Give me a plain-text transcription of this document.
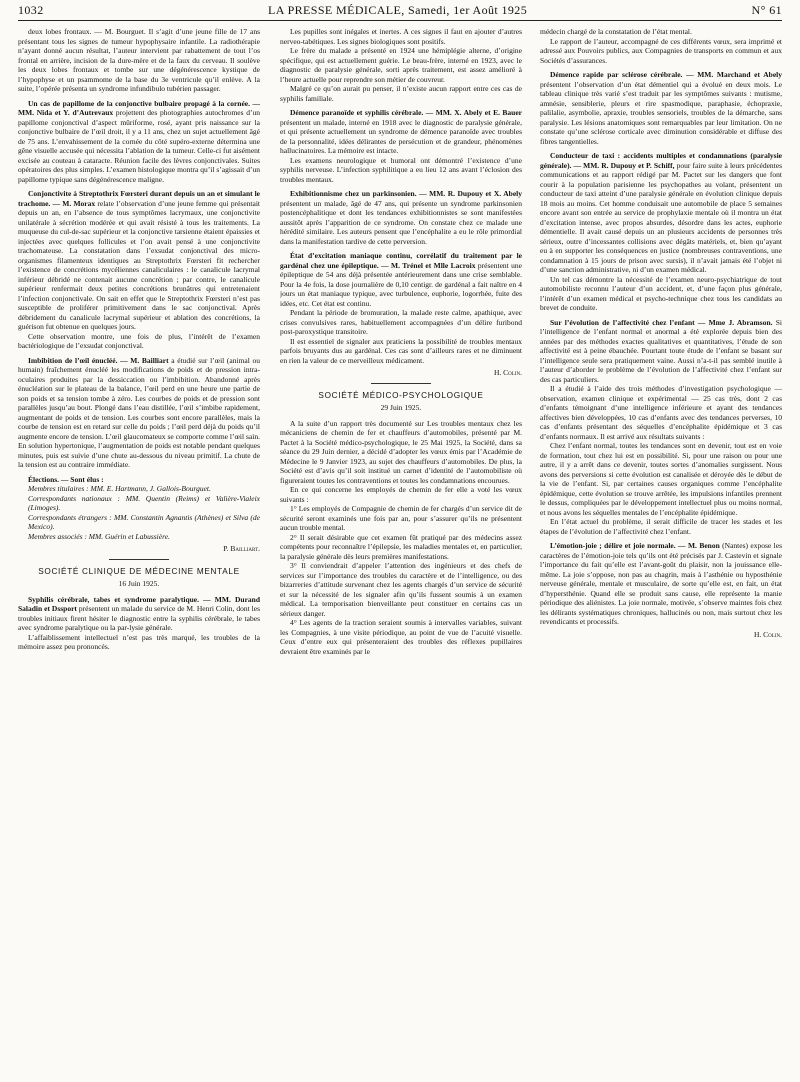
1032	LA PRESSE MÉDICALE, Samedi, 1er Août 1925	N° 61

deux lobes frontaux. — M. Bourguet. Il s’agit d’une jeune fille de 17 ans présentant tous les signes de tumeur hypophysaire infantile. La radiothérapie n’ayant donné aucun résultat, l’auteur intervient par rabattement de tout l’os frontal en arrière, incision de la dure-mère et de la faux du cerveau. Il soulève les deux lobes frontaux et tombe sur une dégénérescence kystique de l’hypophyse et un psammome de la base du 3e ventricule qu’il enlève. A la suite, l’opérée présenta un syndrome infundibulo tubérien passager.

Un cas de papillome de la conjonctive bulbaire propagé à la cornée. — MM. Nida et Y. d’Autrevaux projettent des photographies autochromes d’un papillome conjonctival d’aspect mûriforme, rosé, ayant pris naissance sur la conjonctive bulbaire de l’œil droit, il y a 11 ans, chez un sujet actuellement âgé de 75 ans. L’envahissement de la cornée du côté supéro-externe détermina une gêne visuelle accusée qui nécessita l’ablation de la tumeur. Celle-ci fut aisément excisée au couteau à cataracte. Réunion facile des lèvres conjonctivales. Suites opératoires des plus simples. L’examen histologique montra qu’il s’agissait d’un papillome typique sans dégénérescence maligne.

Conjonctivite à Streptothrix Fœrsteri durant depuis un an et simulant le trachome. — M. Morax relate l’observation d’une jeune femme qui présentait depuis un an, en l’absence de tous symptômes lacrymaux, une conjonctivite unilatérale à sécrétion modérée et qui avait résisté à tous les traitements. La muqueuse du cul-de-sac supérieur et la conjonctive tarsienne étaient épaissies et injectées avec quelques follicules et l’on avait pensé à une conjonctivite trachomateuse. La constatation dans l’exsudat conjonctival des micro-organismes filamenteux identiques au Streptothrix Fœrsteri fit rechercher l’existence de concrétions mycéliennes canaliculaires : le canalicule lacrymal inférieur débridé ne contenait aucune concrétion ; par contre, le canalicule supérieur renfermait deux petites concrétions brunâtres qui entretenaient l’infection conjonctivale. On sait en effet que le Streptothrix Fœrsteri n’est pas susceptible de proliférer primitivement dans le sac conjonctival. Après débridement du canalicule lacrymal supérieur et ablation des concrétions, la guérison fut obtenue en quelques jours.

Cette observation montre, une fois de plus, l’intérêt de l’examen bactériologique de l’exsudat conjonctival.

Imbibition de l’œil énucléé. — M. Bailliart a étudié sur l’œil (animal ou humain) fraîchement énucléé les modifications de poids et de pression intra-oculaires produites par la dessiccation ou l’imbibition. Abandonné après énucléation sur le plateau de la balance, l’œil perd en une heure une partie de son poids et sa tension tombe à zéro. Les courbes de poids et de pression sont parallèles jusqu’au bout. Plongé dans l’eau distillée, l’œil s’imbibe rapidement, augmentant de poids et de tension. Les courbes sont encore parallèles, mais la courbe de tension est en retard sur celle du poids ; l’œil perd déjà du poids qu’il augmente encore de tension. L’œil glaucomateux se comporte comme l’œil sain. En solution hypertonique, l’augmentation de poids est notable pendant quelques minutes, puis est suivie d’une chute au-dessous du niveau primitif. La chute de la tension est au contraire immédiate.

Élections. — Sont élus :

Membres titulaires : MM. E. Hartmann, J. Gallois-Bourguet.

Correspondants nationaux : MM. Quentin (Reims) et Valière-Vialeix (Limoges).

Correspondants étrangers : MM. Constantin Agnantis (Athènes) et Silva (de Mexico).

Membres associés : MM. Guérin et Labussière.

P. Bailliart.

SOCIÉTÉ CLINIQUE DE MÉDECINE MENTALE

16 Juin 1925.

Syphilis cérébrale, tabes et syndrome paralytique. — MM. Durand Saladin et Dssport présentent un malade du service de M. Henri Colin, dont les troubles initiaux firent hésiter le diagnostic entre la syphilis cérébrale, le tabes avec syndrome paralytique ou la par-lysie générale.

L’affaiblissement intellectuel n’est pas très marqué, les troubles de la mémoire assez peu prononcés.

Les pupilles sont inégales et inertes. A ces signes il faut en ajouter d’autres nerveo-tabétiques. Les signes biologiques sont positifs.

Le frère du malade a présenté en 1924 une hémiplégie alterne, d’origine spécifique, qui est actuellement guérie. Le beau-frère, interné en 1923, avec le diagnostic de paralysie générale, sorti après traitement, est assez amélioré à l’heure actuelle pour reprendre son métier de couvreur.

Malgré ce qu’on aurait pu penser, il n’existe aucun rapport entre ces cas de syphilis familiale.

Démence paranoïde et syphilis cérébrale. — MM. X. Abely et E. Bauer présentent un malade, interné en 1918 avec le diagnostic de paralysie générale, et qui présente actuellement un syndrome de démence paranoïde avec troubles de la personnalité, idées délirantes de persécution et de grandeur, phénomènes hallucinatoires. La mémoire est intacte.

Les examens neurologique et humoral ont démontré l’existence d’une syphilis nerveuse. L’infection syphilitique a eu lieu 12 ans avant l’éclosion des troubles mentaux.

Exhibitionnisme chez un parkinsonien. — MM. R. Dupouy et X. Abely présentent un malade, âgé de 47 ans, qui présente un syndrome parkinsonien postencéphalitique et dont les tendances exhibitionnistes se sont manifestées aussitôt après l’apparition de ce syndrome. On constate chez ce malade une hérédité similaire. Les auteurs pensent que l’encéphalite a eu le rôle primordial dans la manifestation tardive de cette perversion.

État d’excitation maniaque continu, corrélatif du traitement par le gardénal chez une épileptique. — M. Trénel et Mlle Lacroix présentent une épileptique de 54 ans déjà présentée antérieurement dans une crise semblable. Pour la 4e fois, la dose journalière de 0,10 centigr. de gardénal a fait naître en 4 jours un état maniaque typique, avec turbulence, euphorie, logorrhée, fuite des idées, etc. Cet état est continu.

Pendant la période de bromuration, la malade reste calme, apathique, avec crises convulsives rares, habituellement accompagnées d’un délire furibond post-paroxystique transitoire.

Il est essentiel de signaler aux praticiens la possibilité de troubles mentaux parfois bruyants dus au gardénal. Ces cas sont d’ailleurs rares et ne diminuent en rien la valeur de ce merveilleux médicament.

H. Colin.

SOCIÉTÉ MÉDICO-PSYCHOLOGIQUE

29 Juin 1925.

A la suite d’un rapport très documenté sur Les troubles mentaux chez les mécaniciens de chemin de fer et chauffeurs d’automobiles, présenté par M. Pactet à la Société médico-psychologique, le 25 Mai 1925, la Société, dans sa séance du 29 Juin dernier, a décidé d’adopter les vœux émis par l’Académie de Médecine le 9 Janvier 1923, au sujet des chauffeurs d’automobiles. De plus, la Société est d’avis qu’il soit institué un carnet d’identité de l’automobiliste où figureraient toutes les contraventions et toutes les condamnations encourues.

En ce qui concerne les employés de chemin de fer elle a voté les vœux suivants :

1° Les employés de Compagnie de chemin de fer chargés d’un service dit de sécurité seront examinés une fois par an, pour s’assurer qu’ils ne présentent aucun trouble mental.

2° Il serait désirable que cet examen fût pratiqué par des médecins assez compétents pour reconnaître l’épilepsie, les maladies mentales et, en particulier, la paralysie générale dès leurs premières manifestations.

3° Il conviendrait d’appeler l’attention des ingénieurs et des chefs de services sur l’importance des troubles du caractère et de l’intelligence, ou des bizarreries d’attitude survenant chez les agents chargés d’un service de sécurité et sur la nécessité de les signaler afin qu’ils fussent soumis à un examen médical. La temporisation bienveillante peut constituer en certains cas un sérieux danger.

4° Les agents de la traction seraient soumis à intervalles variables, suivant les Compagnies, à une visite périodique, au point de vue de l’acuité visuelle. Ceux d’entre eux qui présenteraient des troubles des réflexes pupillaires devraient être examinés par le

médecin chargé de la constatation de l’état mental.

Le rapport de l’auteur, accompagné de ces différents vœux, sera imprimé et adressé aux Pouvoirs publics, aux Compagnies de transports en commun et aux Sociétés d’assurances.

Démence rapide par sclérose cérébrale. — MM. Marchand et Abely présentent l’observation d’un état démentiel qui a évolué en deux mois. Le tableau clinique très varié s’est traduit par les symptômes suivants : mutisme, amnésie, sensiblerie, pleurs et rire spasmodique, paraphasie, échopraxie, palilalie, asymbolie, apraxie, troubles sensoriels, troubles de la démarche, sans paralysie. Les lésions anatomiques sont remarquables par leur limitation. On ne constate qu’une sclérose corticale avec diminution considérable et diffuse des fibres tangentielles.

Conducteur de taxi : accidents multiples et condamnations (paralysie générale). — MM. R. Dupouy et P. Schiff, pour faire suite à leurs précédentes communications et au rapport rédigé par M. Pactet sur les dangers que font courir à la population parisienne les psychopathes au volant, présentent un conducteur de taxi atteint d’une paralysie générale en évolution clinique depuis 18 mois au moins. Cet homme conduisait une automobile de place 5 semaines encore avant son entrée au service de prophylaxie mentale où il montra un état d’excitation intense, avec propos absurdes, désordre dans les actes, euphorie démentielle. Il avait causé depuis un an plusieurs accidents de personnes très sérieux, outre d’incessantes collisions avec dégâts matériels, et, bien qu’ayant eu à en supporter les conséquences en justice (nombreuses contraventions, une condamnation à 15 jours de prison avec sursis), il n’avait jamais été l’objet ni d’une sanction administrative, ni d’un examen médical.

Un tel cas démontre la nécessité de l’examen neuro-psychiatrique de tout automobiliste reconnu l’auteur d’un accident, et, d’une façon plus générale, l’intérêt d’un examen médical et psycho-technique chez tous les candidats au brevet de conduite.

Sur l’évolution de l’affectivité chez l’enfant — Mme J. Abramson. Si l’intelligence de l’enfant normal et anormal a été explorée depuis bien des années par des méthodes exactes qualitatives et quantitatives, l’étude de son affectivité est à peine ébauchée. Pourtant toute étude de l’enfant se basant sur l’intelligence seule sera pratiquement vaine. Aussi n’a-t-il pas semblé inutile à l’auteur d’aborder le problème de l’évolution de l’affectivité chez l’enfant sur des cas particuliers.

Il a étudié à l’aide des trois méthodes d’investigation psychologique — observation, examen clinique et expérimental — 25 cas très, dont 2 cas d’enfants témoignant d’une intelligence inférieure et ayant des tendances affectives bien développées, 10 cas d’enfants avec des tendances perverses, 10 cas d’enfants présentant des séquelles d’encéphalite épidémique et 3 cas d’enfants normaux. Il est arrivé aux résultats suivants :

Chez l’enfant normal, toutes les tendances sont en devenir, tout est en voie de formation, tout chez lui est en possibilité. Si, pour une raison ou pour une autre, il y a arrêt dans ce devenir, toutes sortes d’anomalies surgissent. Nous avons des perversions si cette évolution est canalisée et déroyée dès le début de la vie de l’enfant. Si, par certaines causes organiques comme l’encéphalite épidémique, cette évolution se trouve arrêtée, les impulsions infantiles prennent le dessus, compliquées par le développement intellectuel plus ou moins normal, et nous avons les séquelles mentales de l’encéphalite épidémique.

En l’état actuel du problème, il serait difficile de tracer les stades et les étapes de l’évolution de l’affectivité chez l’enfant.

L’émotion-joie ; délire et joie normale. — M. Benon (Nantes) expose les caractères de l’émotion-joie tels qu’ils ont été précisés par J. Castevin et signale l’importance du fait qu’elle est l’avant-goût du plaisir, non la jouissance elle-même. La joie s’oppose, non pas au chagrin, mais à l’asthénie ou hyposthénie nerveuse générale, mentale et musculaire, de sorte qu’elle est, en fait, un état d’hypersthénie. Quand elle se produit sans cause, elle représente la manie périodique des aliénistes. La joie normale, motivée, s’observe maintes fois chez les délirants systématiques chroniques, hallucinés ou non, mais surtout chez les revendicants et processifs.

H. Colin.
